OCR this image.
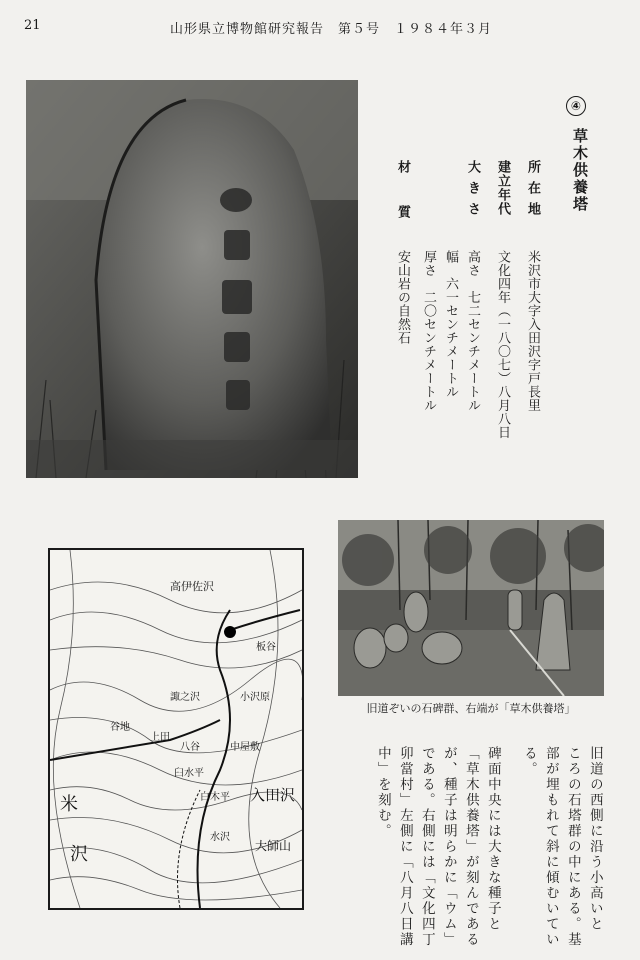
21	山形県立博物館研究報告　第５号　１９８４年３月
④
草木供養塔
所在地
建立年代
大きさ
材質
米沢市大字入田沢字戸長里
文化四年（一八〇七）八月八日
高さ　七二センチメートル
幅　六一センチメートル
厚さ　二〇センチメートル
安山岩の自然石
旧道ぞいの石碑群、右端が「草木供養塔」
高伊佐沢
板谷
入田沢
米
沢	大師山
小沢原
水沢
臼水平
八谷
諏之沢
白木平
上田
中屋敷
谷地
旧道の西側に沿う小高いと
ころの石塔群の中にある。基
部が埋もれて斜に傾むいてい
る。
碑面中央には大きな種子と
「草木供養塔」が刻んである
が、種子は明らかに「ウム」
である。右側には「文化四丁
卯當村」左側に「八月八日講
中」を刻む。
